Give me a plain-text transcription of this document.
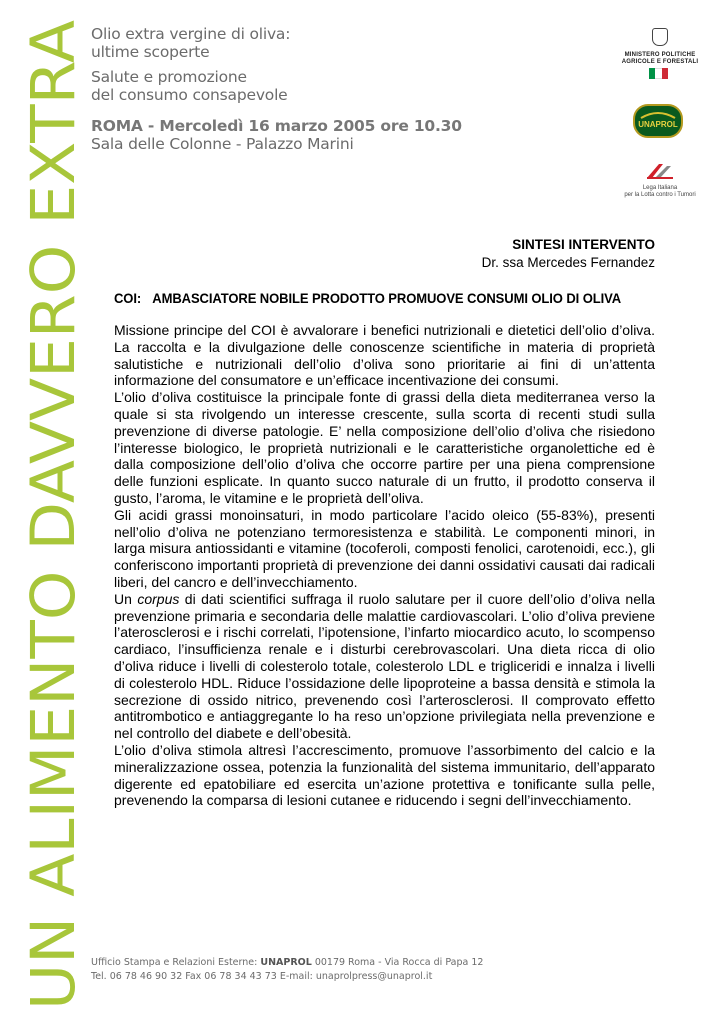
UN ALIMENTO DAVVERO EXTRA
Olio extra vergine di oliva:
ultime scoperte
Salute e promozione
del consumo consapevole
ROMA - Mercoledì 16 marzo 2005 ore 10.30
Sala delle Colonne - Palazzo Marini
MINISTERO POLITICHE
AGRICOLE E FORESTALI
UNAPROL
Lega Italiana
per la Lotta contro i Tumori
SINTESI INTERVENTO
Dr. ssa Mercedes Fernandez
COI: AMBASCIATORE NOBILE PRODOTTO PROMUOVE CONSUMI OLIO DI OLIVA

Missione principe del COI è avvalorare i benefici nutrizionali e dietetici dell’olio d’oliva. La raccolta e la divulgazione delle conoscenze scientifiche in materia di proprietà salutistiche e nutrizionali dell’olio d’oliva sono prioritarie ai fini di un’attenta informazione del consumatore e un’efficace incentivazione dei consumi.

L’olio d’oliva costituisce la principale fonte di grassi della dieta mediterranea verso la quale si sta rivolgendo un interesse crescente, sulla scorta di recenti studi sulla prevenzione di diverse patologie. E’ nella composizione dell’olio d’oliva che risiedono l’interesse biologico, le proprietà nutrizionali e le caratteristiche organolettiche ed è dalla composizione dell’olio d’oliva che occorre partire per una piena comprensione delle funzioni esplicate. In quanto succo naturale di un frutto, il prodotto conserva il gusto, l’aroma, le vitamine e le proprietà dell’oliva.

Gli acidi grassi monoinsaturi, in modo particolare l’acido oleico (55-83%), presenti nell’olio d’oliva ne potenziano termoresistenza e stabilità. Le componenti minori, in larga misura antiossidanti e vitamine (tocoferoli, composti fenolici, carotenoidi, ecc.), gli conferiscono importanti proprietà di prevenzione dei danni ossidativi causati dai radicali liberi, del cancro e dell’invecchiamento.

Un corpus di dati scientifici suffraga il ruolo salutare per il cuore dell’olio d’oliva nella prevenzione primaria e secondaria delle malattie cardiovascolari. L’olio d’oliva previene l’aterosclerosi e i rischi correlati, l’ipotensione, l’infarto miocardico acuto, lo scompenso cardiaco, l’insufficienza renale e i disturbi cerebrovascolari. Una dieta ricca di olio d’oliva riduce i livelli di colesterolo totale, colesterolo LDL e trigliceridi e innalza i livelli di colesterolo HDL. Riduce l’ossidazione delle lipoproteine a bassa densità e stimola la secrezione di ossido nitrico, prevenendo così l’arterosclerosi. Il comprovato effetto antitrombotico e antiaggregante lo ha reso un’opzione privilegiata nella prevenzione e nel controllo del diabete e dell’obesità.

L’olio d’oliva stimola altresì l’accrescimento, promuove l’assorbimento del calcio e la mineralizzazione ossea, potenzia la funzionalità del sistema immunitario, dell’apparato digerente ed epatobiliare ed esercita un’azione protettiva e tonificante sulla pelle, prevenendo la comparsa di lesioni cutanee e riducendo i segni dell’invecchiamento.

Ufficio Stampa e Relazioni Esterne: UNAPROL 00179 Roma - Via Rocca di Papa 12
Tel. 06 78 46 90 32 Fax 06 78 34 43 73 E-mail: unaprolpress@unaprol.it
